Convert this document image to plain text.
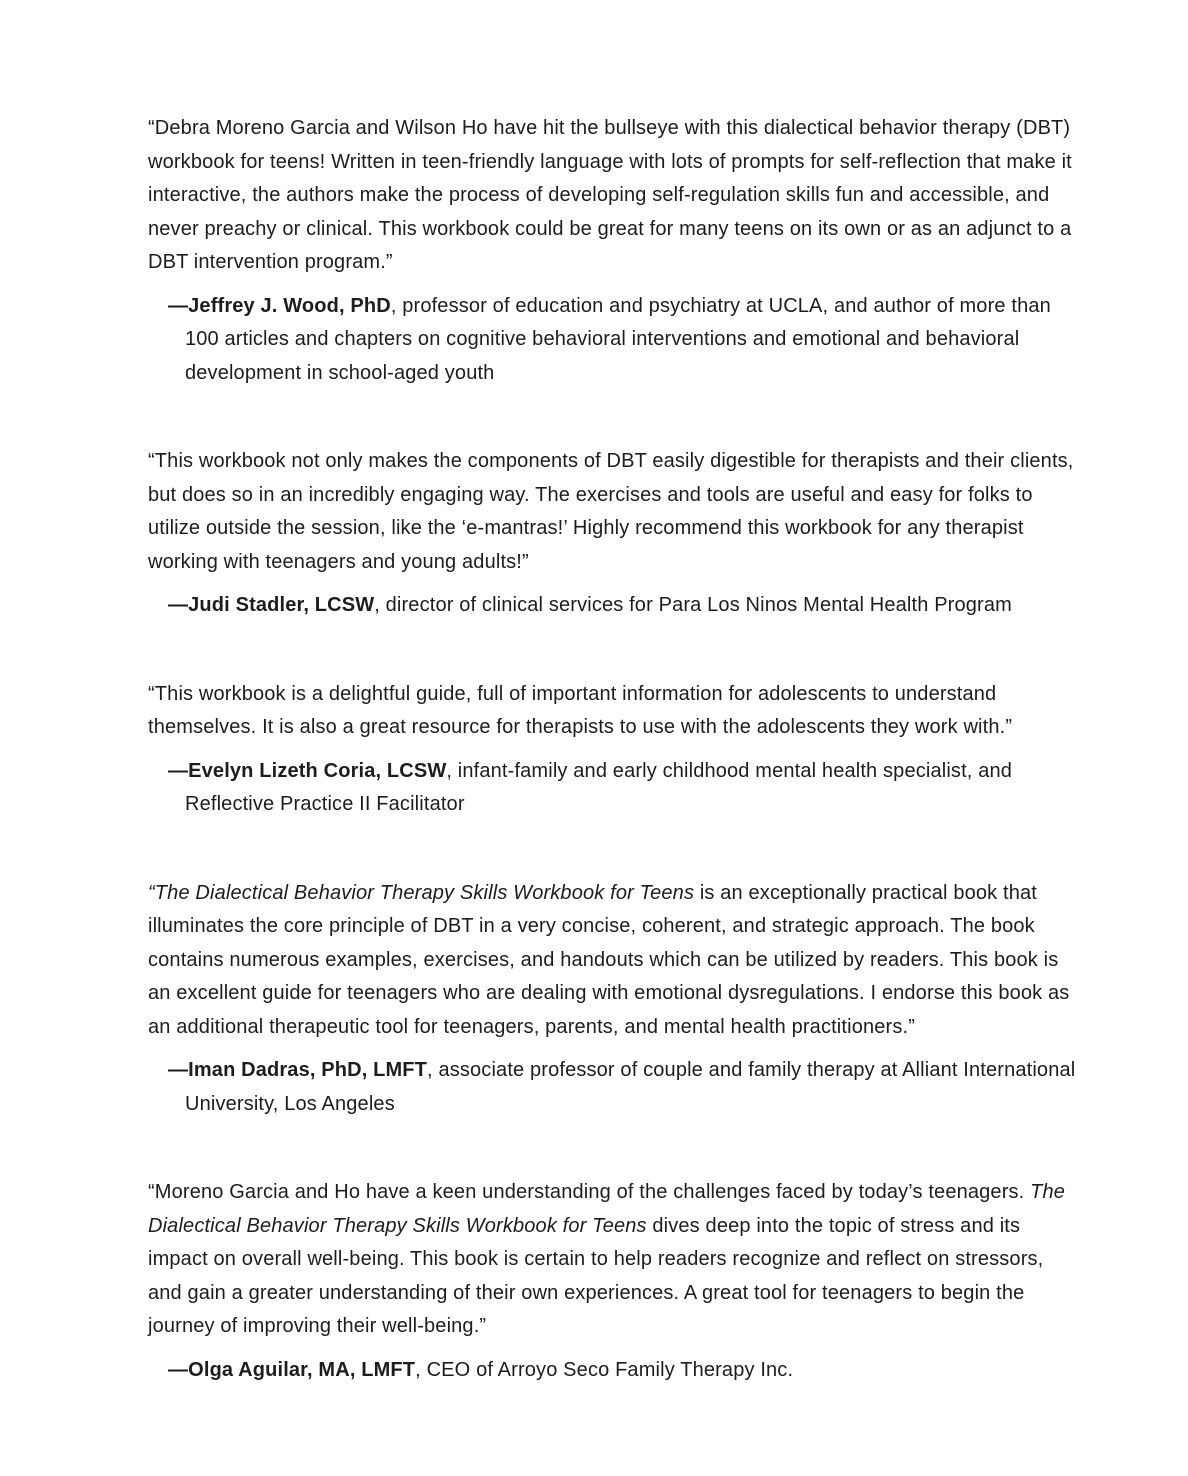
“Debra Moreno Garcia and Wilson Ho have hit the bullseye with this dialectical behavior therapy (DBT) workbook for teens! Written in teen-friendly language with lots of prompts for self-reflection that make it interactive, the authors make the process of developing self-regulation skills fun and accessible, and never preachy or clinical. This workbook could be great for many teens on its own or as an adjunct to a DBT intervention program.”

—Jeffrey J. Wood, PhD, professor of education and psychiatry at UCLA, and author of more than 100 articles and chapters on cognitive behavioral interventions and emotional and behavioral development in school-aged youth

“This workbook not only makes the components of DBT easily digestible for therapists and their clients, but does so in an incredibly engaging way. The exercises and tools are useful and easy for folks to utilize outside the session, like the ‘e-mantras!’ Highly recommend this workbook for any therapist working with teenagers and young adults!”

—Judi Stadler, LCSW, director of clinical services for Para Los Ninos Mental Health Program

“This workbook is a delightful guide, full of important information for adolescents to understand themselves. It is also a great resource for therapists to use with the adolescents they work with.”

—Evelyn Lizeth Coria, LCSW, infant-family and early childhood mental health specialist, and Reflective Practice II Facilitator

“The Dialectical Behavior Therapy Skills Workbook for Teens is an exceptionally practical book that illuminates the core principle of DBT in a very concise, coherent, and strategic approach. The book contains numerous examples, exercises, and handouts which can be utilized by readers. This book is an excellent guide for teenagers who are dealing with emotional dysregulations. I endorse this book as an additional therapeutic tool for teenagers, parents, and mental health practitioners.”

—Iman Dadras, PhD, LMFT, associate professor of couple and family therapy at Alliant International University, Los Angeles

“Moreno Garcia and Ho have a keen understanding of the challenges faced by today’s teenagers. The Dialectical Behavior Therapy Skills Workbook for Teens dives deep into the topic of stress and its impact on overall well-being. This book is certain to help readers recognize and reflect on stressors, and gain a greater understanding of their own experiences. A great tool for teenagers to begin the journey of improving their well-being.”

—Olga Aguilar, MA, LMFT, CEO of Arroyo Seco Family Therapy Inc.
